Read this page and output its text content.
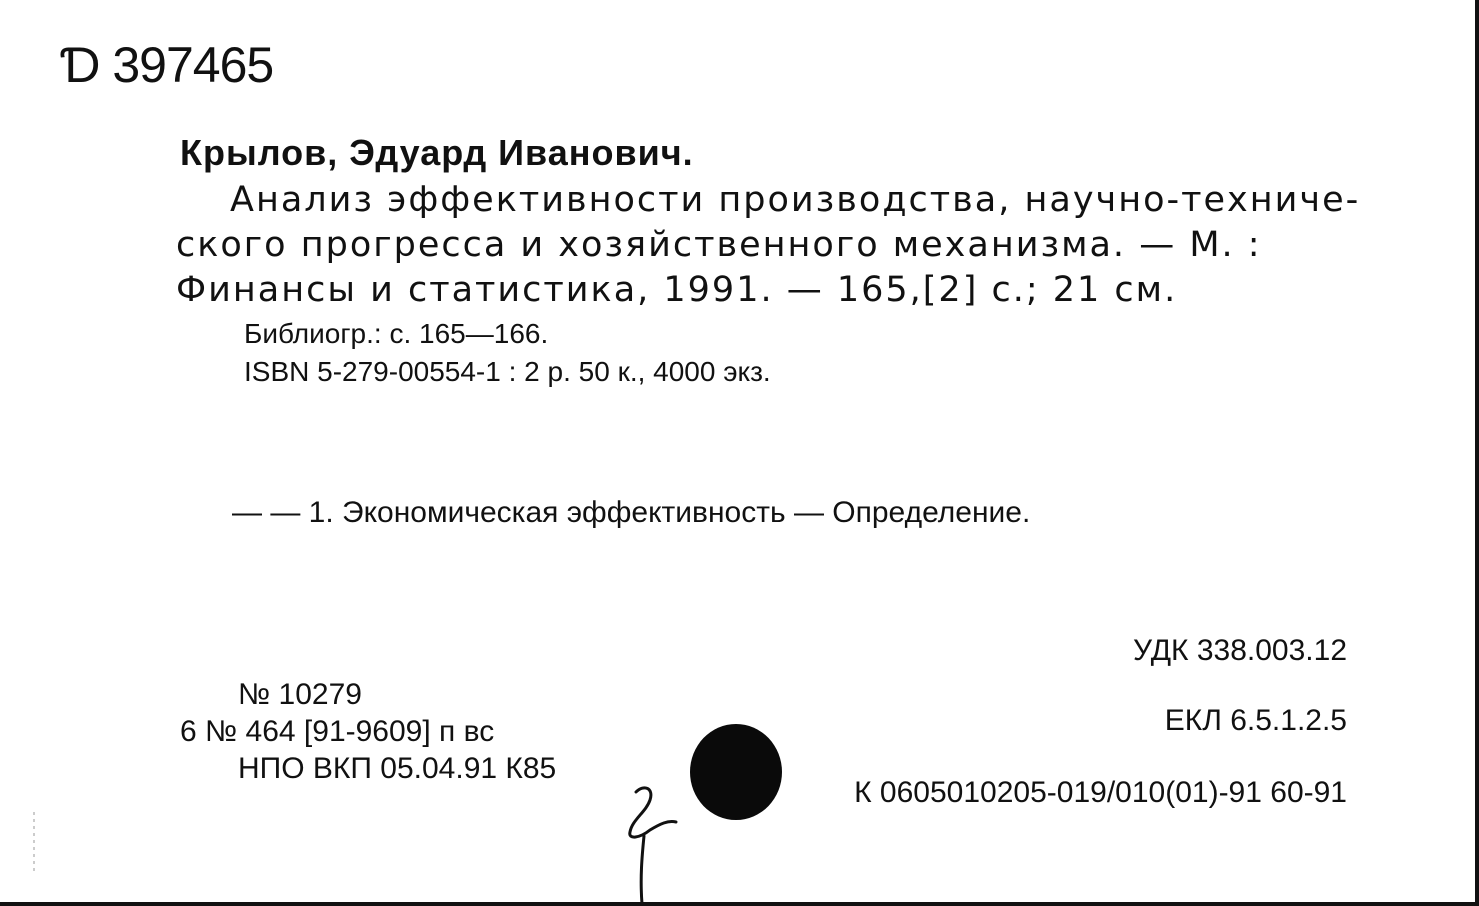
Ɗ 397465
Крылов, Эдуард Иванович.
Анализ эффективности производства, научно-техниче-
ского прогресса и хозяйственного механизма. — М. :
Финансы и статистика, 1991. — 165,[2] с.; 21 см.
Библиогр.: с. 165—166.
ISBN 5-279-00554-1 : 2 р. 50 к., 4000 экз.
— — 1. Экономическая эффективность — Определение.
УДК 338.003.12
ЕКЛ 6.5.1.2.5
№ 10279
6 № 464 [91-9609] п вс
НПО ВКП 05.04.91 К85
К 0605010205-019/010(01)-91 60-91
